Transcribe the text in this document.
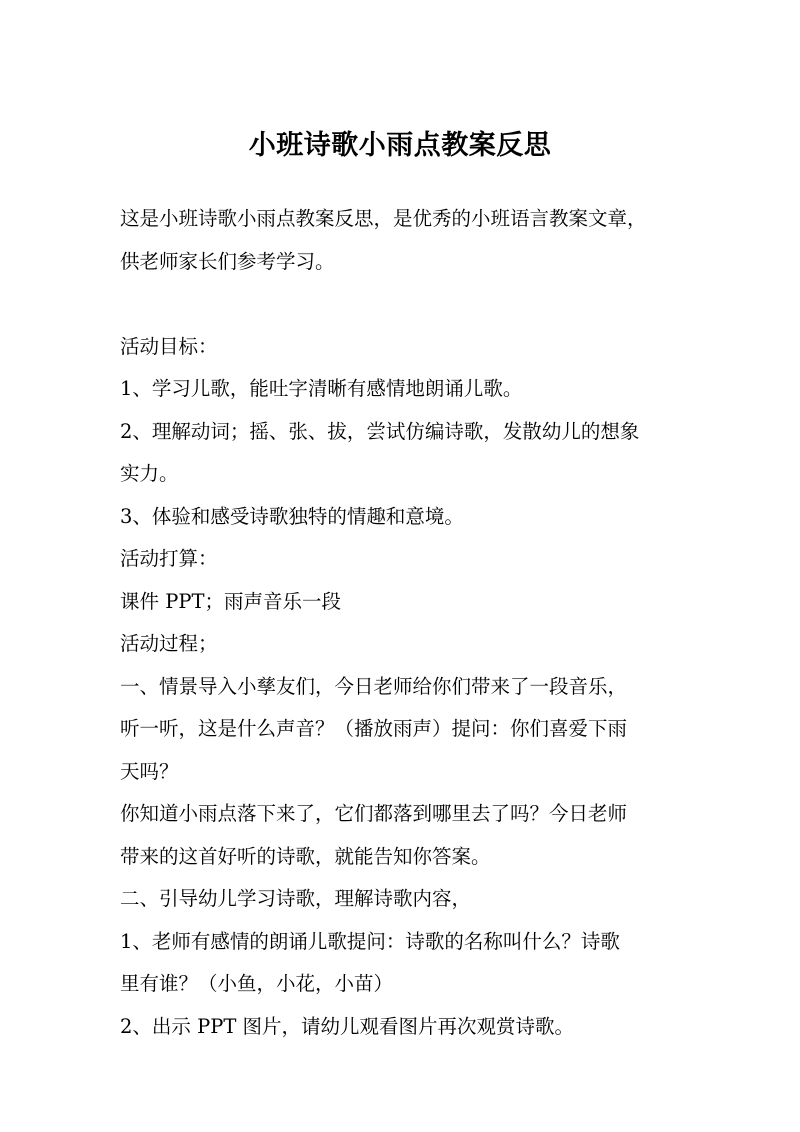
小班诗歌小雨点教案反思
这是小班诗歌小雨点教案反思，是优秀的小班语言教案文章，
供老师家长们参考学习。
活动目标：
1、学习儿歌，能吐字清晰有感情地朗诵儿歌。
2、理解动词；摇、张、拔，尝试仿编诗歌，发散幼儿的想象
实力。
3、体验和感受诗歌独特的情趣和意境。
活动打算：
课件 PPT；雨声音乐一段
活动过程；
一、情景导入小孳友们，今日老师给你们带来了一段音乐，
听一听，这是什么声音？（播放雨声）提问：你们喜爱下雨
天吗？
你知道小雨点落下来了，它们都落到哪里去了吗？今日老师
带来的这首好听的诗歌，就能告知你答案。
二、引导幼儿学习诗歌，理解诗歌内容，
1、老师有感情的朗诵儿歌提问：诗歌的名称叫什么？诗歌
里有谁？（小鱼，小花，小苗）
2、出示 PPT 图片，请幼儿观看图片再次观赏诗歌。
